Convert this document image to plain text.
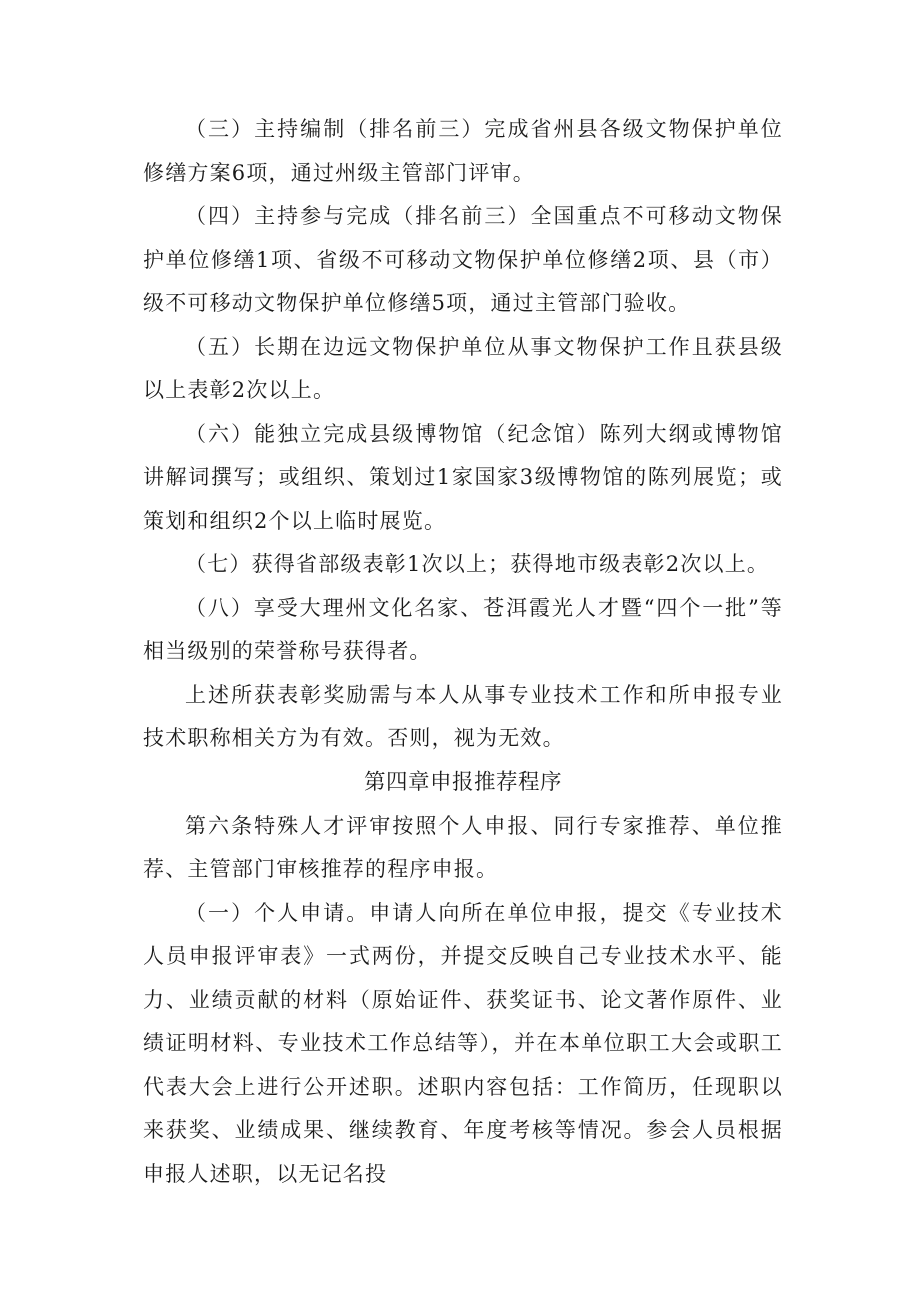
（三）主持编制（排名前三）完成省州县各级文物保护单位修缮方案6项，通过州级主管部门评审。

（四）主持参与完成（排名前三）全国重点不可移动文物保护单位修缮1项、省级不可移动文物保护单位修缮2项、县（市）级不可移动文物保护单位修缮5项，通过主管部门验收。

（五）长期在边远文物保护单位从事文物保护工作且获县级以上表彰2次以上。

（六）能独立完成县级博物馆（纪念馆）陈列大纲或博物馆讲解词撰写；或组织、策划过1家国家3级博物馆的陈列展览；或策划和组织2个以上临时展览。

（七）获得省部级表彰1次以上；获得地市级表彰2次以上。

（八）享受大理州文化名家、苍洱霞光人才暨“四个一批”等相当级别的荣誉称号获得者。

上述所获表彰奖励需与本人从事专业技术工作和所申报专业技术职称相关方为有效。否则，视为无效。

第四章申报推荐程序

第六条特殊人才评审按照个人申报、同行专家推荐、单位推荐、主管部门审核推荐的程序申报。

（一）个人申请。申请人向所在单位申报，提交《专业技术人员申报评审表》一式两份，并提交反映自己专业技术水平、能力、业绩贡献的材料（原始证件、获奖证书、论文著作原件、业绩证明材料、专业技术工作总结等），并在本单位职工大会或职工代表大会上进行公开述职。述职内容包括：工作简历，任现职以来获奖、业绩成果、继续教育、年度考核等情况。参会人员根据申报人述职，以无记名投
